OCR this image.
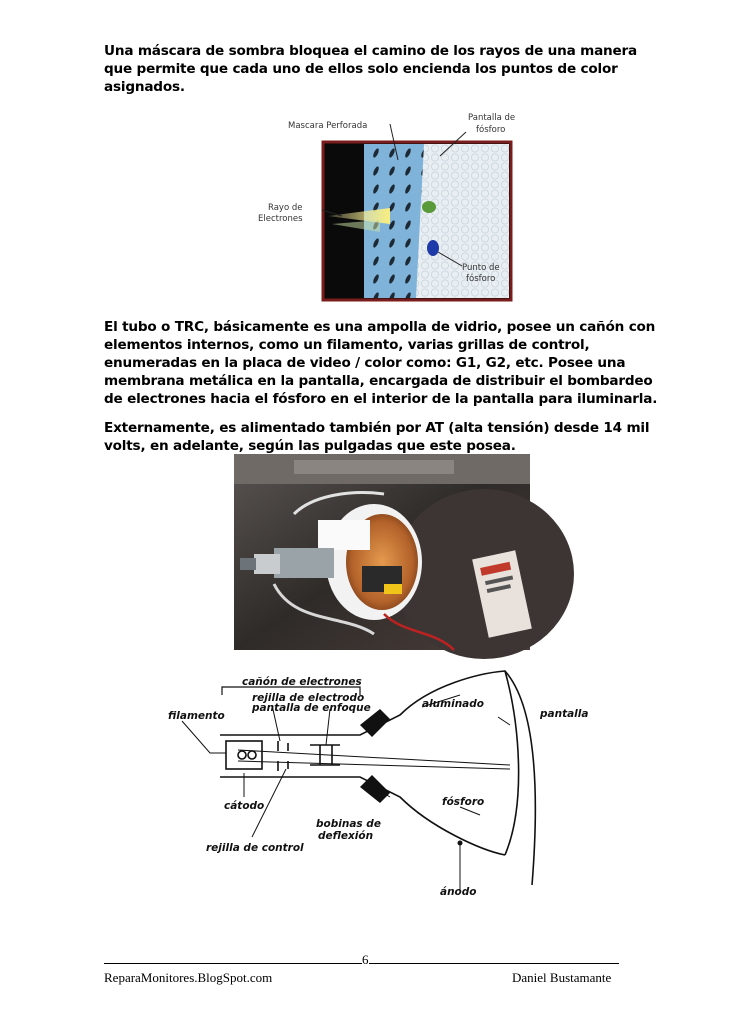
Una máscara de sombra bloquea el camino de los rayos de una manera que permite que cada uno de ellos solo encienda los puntos de color asignados.

Mascara Perforada
Pantalla de
fósforo
Rayo de
Electrones
Punto de
fósforo

El tubo o TRC, básicamente es una ampolla de vidrio, posee un cañón con elementos internos, como un filamento, varias grillas de control, enumeradas en la placa de video / color como: G1, G2, etc. Posee una membrana metálica en la pantalla, encargada de distribuir el bombardeo de electrones hacia el fósforo en el interior de la pantalla para iluminarla.

Externamente, es alimentado también por AT (alta tensión) desde 14 mil volts, en adelante, según las pulgadas que este posea.

cañón de electrones
rejilla de
pantalla
electrodo
de enfoque
filamento
aluminado
pantalla
cátodo	fósforo
bobinas de
deflexión
rejilla de control
ánodo
6
ReparaMonitores.BlogSpot.com	Daniel Bustamante
